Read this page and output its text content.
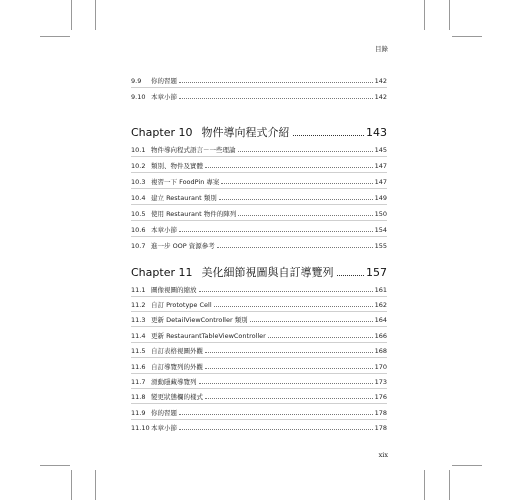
目錄
9.9	你的習題	142
9.10 本章小節	142
Chapter 10 物件導向程式介紹	143
10.1 物件導向程式語言－一些理論	145
10.2 類別、物件及實體	147
10.3 複習一下 FoodPin 專案	147
10.4 建立 Restaurant 類別	149
10.5 使用 Restaurant 物件的陣列	150
10.6 本章小節	154
10.7 進一步 OOP 資源參考	155
Chapter 11 美化細節視圖與自訂導覽列	157
11.1 圖像視圖的縮放	161
11.2 自訂 Prototype Cell	162
11.3 更新 DetailViewController 類別	164
11.4 更新 RestaurantTableViewController	166
11.5 自訂表格視圖外觀	168
11.6 自訂導覽列的外觀	170
11.7 滑動隱藏導覽列	173
11.8 變更狀態欄的樣式	176
11.9 你的習題	178
11.10 本章小節	178
xix
